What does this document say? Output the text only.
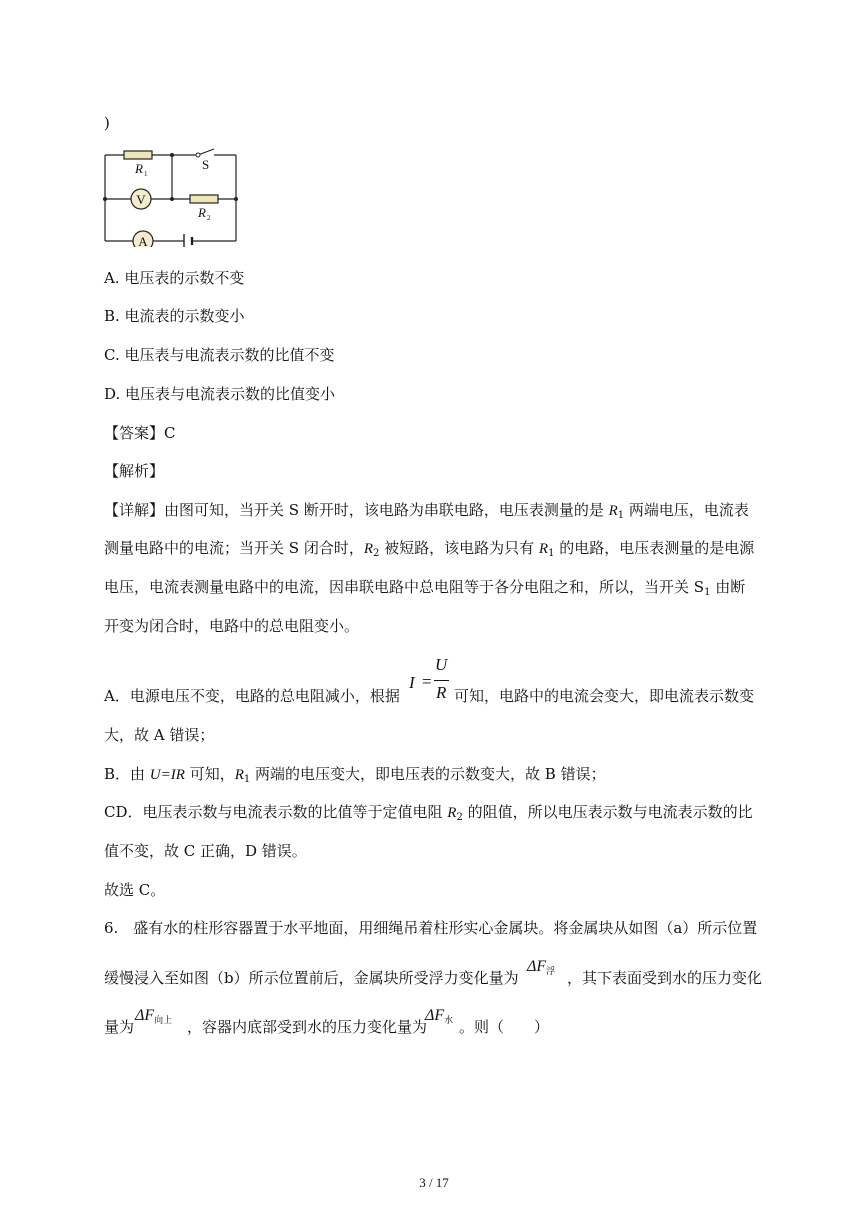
)
V
A
S
R 1
R 2
A. 电压表的示数不变
B. 电流表的示数变小
C. 电压表与电流表示数的比值不变
D. 电压表与电流表示数的比值变小
【答案】C
【解析】
【详解】由图可知，当开关 S 断开时，该电路为串联电路，电压表测量的是 $R_1$ 两端电压，电流表
测量电路中的电流；当开关 S 闭合时，$R_2$ 被短路，该电路为只有 $R_1$ 的电路，电压表测量的是电源
电压，电流表测量电路中的电流，因串联电路中总电阻等于各分电阻之和，所以，当开关 $S_1$ 由断
开变为闭合时，电路中的总电阻变小。
A．电源电压不变，电路的总电阻减小，根据
I =
U
R 可知，电路中的电流会变大，即电流表示数变
大，故 A 错误；
B．由 U=IR 可知，$R_1$ 两端的电压变大，即电压表的示数变大，故 B 错误；
CD．电压表示数与电流表示数的比值等于定值电阻 $R_2$ 的阻值，所以电压表示数与电流表示数的比
值不变，故 C 正确，D 错误。
故选 C。
6.　盛有水的柱形容器置于水平地面，用细绳吊着柱形实心金属块。将金属块从如图（a）所示位置
缓慢浸入至如图（b）所示位置前后，金属块所受浮力变化量为
$\Delta F_浮$ ，其下表面受到水的压力变化
量为
$\Delta F_{向上}$ ，容器内底部受到水的压力变化量为
$\Delta F_水$ 。则（　　）
3 / 17
